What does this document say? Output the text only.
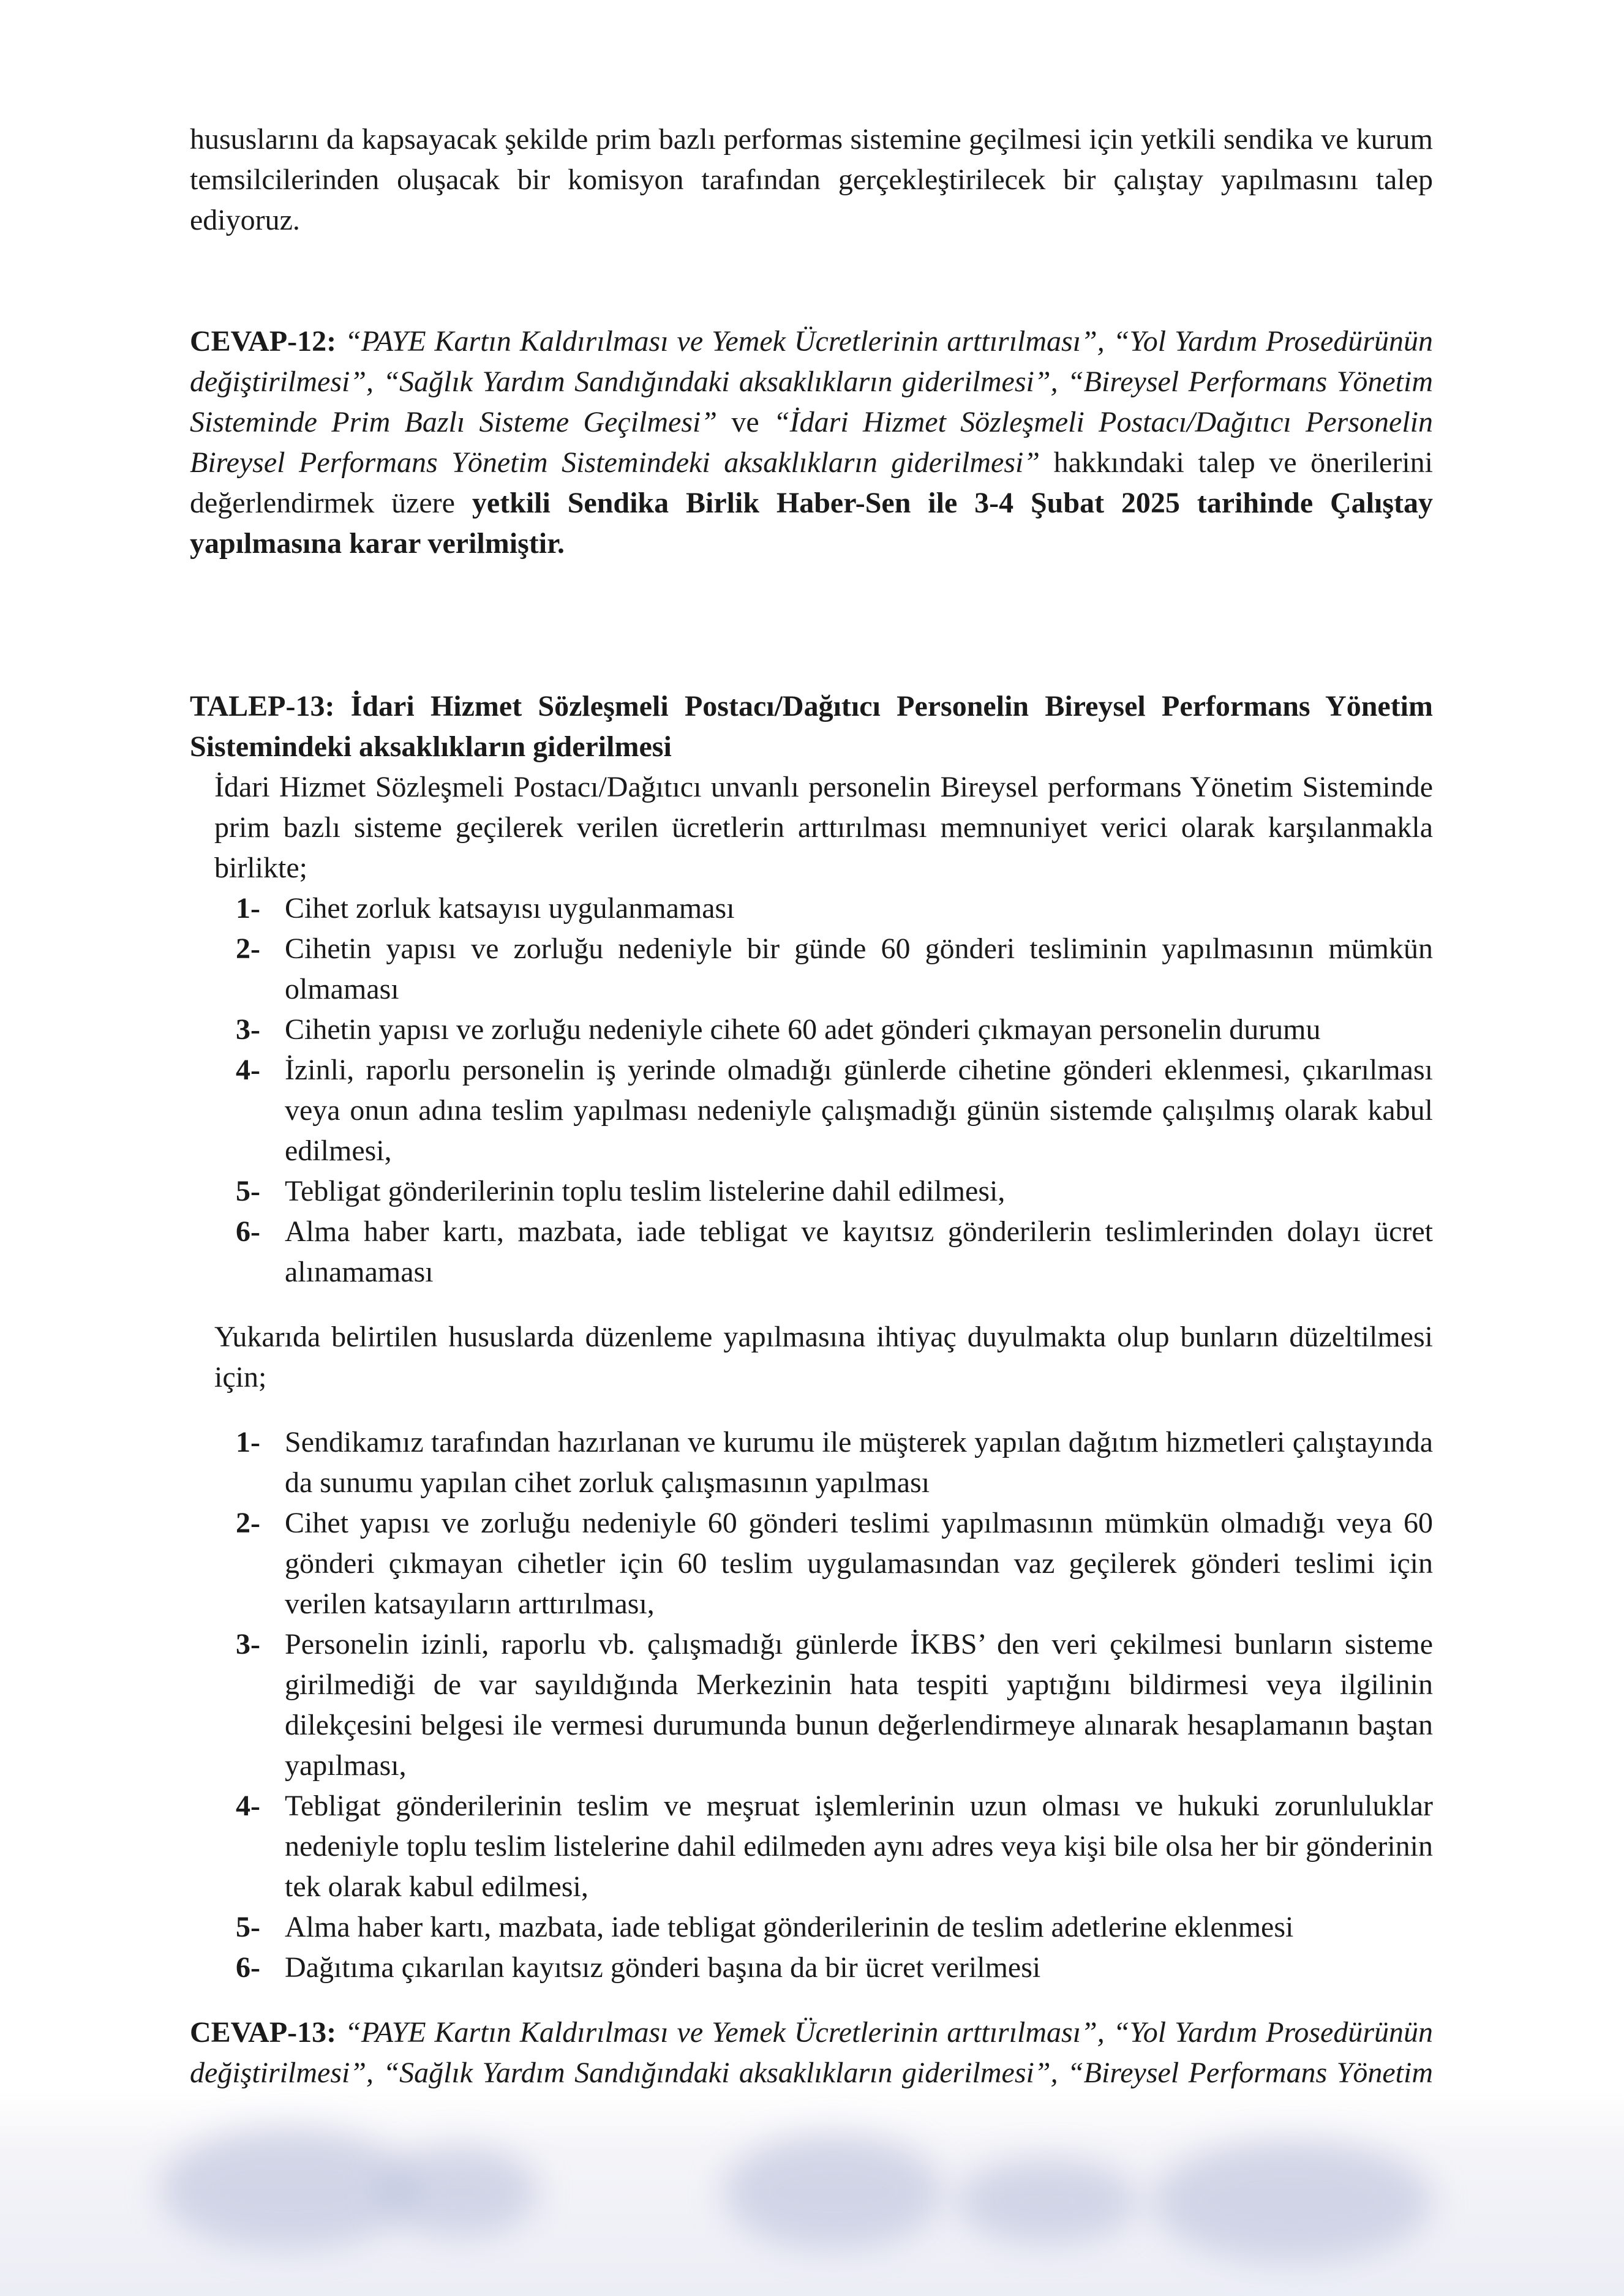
hususlarını da kapsayacak şekilde prim bazlı performas sistemine geçilmesi için yetkili sendika ve kurum temsilcilerinden oluşacak bir komisyon tarafından gerçekleştirilecek bir çalıştay yapılmasını talep ediyoruz.

CEVAP-12: “PAYE Kartın Kaldırılması ve Yemek Ücretlerinin arttırılması”, “Yol Yardım Prosedürünün değiştirilmesi”, “Sağlık Yardım Sandığındaki aksaklıkların giderilmesi”, “Bireysel Performans Yönetim Sisteminde Prim Bazlı Sisteme Geçilmesi” ve “İdari Hizmet Sözleşmeli Postacı/Dağıtıcı Personelin Bireysel Performans Yönetim Sistemindeki aksaklıkların giderilmesi” hakkındaki talep ve önerilerini değerlendirmek üzere yetkili Sendika Birlik Haber-Sen ile 3-4 Şubat 2025 tarihinde Çalıştay yapılmasına karar verilmiştir.

TALEP-13: İdari Hizmet Sözleşmeli Postacı/Dağıtıcı Personelin Bireysel Performans Yönetim Sistemindeki aksaklıkların giderilmesi

İdari Hizmet Sözleşmeli Postacı/Dağıtıcı unvanlı personelin Bireysel performans Yönetim Sisteminde prim bazlı sisteme geçilerek verilen ücretlerin arttırılması memnuniyet verici olarak karşılanmakla birlikte;

1- Cihet zorluk katsayısı uygulanmaması
2- Cihetin yapısı ve zorluğu nedeniyle bir günde 60 gönderi tesliminin yapılmasının mümkün olmaması
3- Cihetin yapısı ve zorluğu nedeniyle cihete 60 adet gönderi çıkmayan personelin durumu
4- İzinli, raporlu personelin iş yerinde olmadığı günlerde cihetine gönderi eklenmesi, çıkarılması veya onun adına teslim yapılması nedeniyle çalışmadığı günün sistemde çalışılmış olarak kabul edilmesi,
5- Tebligat gönderilerinin toplu teslim listelerine dahil edilmesi,
6- Alma haber kartı, mazbata, iade tebligat ve kayıtsız gönderilerin teslimlerinden dolayı ücret alınamaması

Yukarıda belirtilen hususlarda düzenleme yapılmasına ihtiyaç duyulmakta olup bunların düzeltilmesi için;

1- Sendikamız tarafından hazırlanan ve kurumu ile müşterek yapılan dağıtım hizmetleri çalıştayında da sunumu yapılan cihet zorluk çalışmasının yapılması
2- Cihet yapısı ve zorluğu nedeniyle 60 gönderi teslimi yapılmasının mümkün olmadığı veya 60 gönderi çıkmayan cihetler için 60 teslim uygulamasından vaz geçilerek gönderi teslimi için verilen katsayıların arttırılması,
3- Personelin izinli, raporlu vb. çalışmadığı günlerde İKBS’ den veri çekilmesi bunların sisteme girilmediği de var sayıldığında Merkezinin hata tespiti yaptığını bildirmesi veya ilgilinin dilekçesini belgesi ile vermesi durumunda bunun değerlendirmeye alınarak hesaplamanın baştan yapılması,
4- Tebligat gönderilerinin teslim ve meşruat işlemlerinin uzun olması ve hukuki zorunluluklar nedeniyle toplu teslim listelerine dahil edilmeden aynı adres veya kişi bile olsa her bir gönderinin tek olarak kabul edilmesi,
5- Alma haber kartı, mazbata, iade tebligat gönderilerinin de teslim adetlerine eklenmesi
6- Dağıtıma çıkarılan kayıtsız gönderi başına da bir ücret verilmesi

CEVAP-13: “PAYE Kartın Kaldırılması ve Yemek Ücretlerinin arttırılması”, “Yol Yardım Prosedürünün değiştirilmesi”, “Sağlık Yardım Sandığındaki aksaklıkların giderilmesi”, “Bireysel Performans Yönetim
